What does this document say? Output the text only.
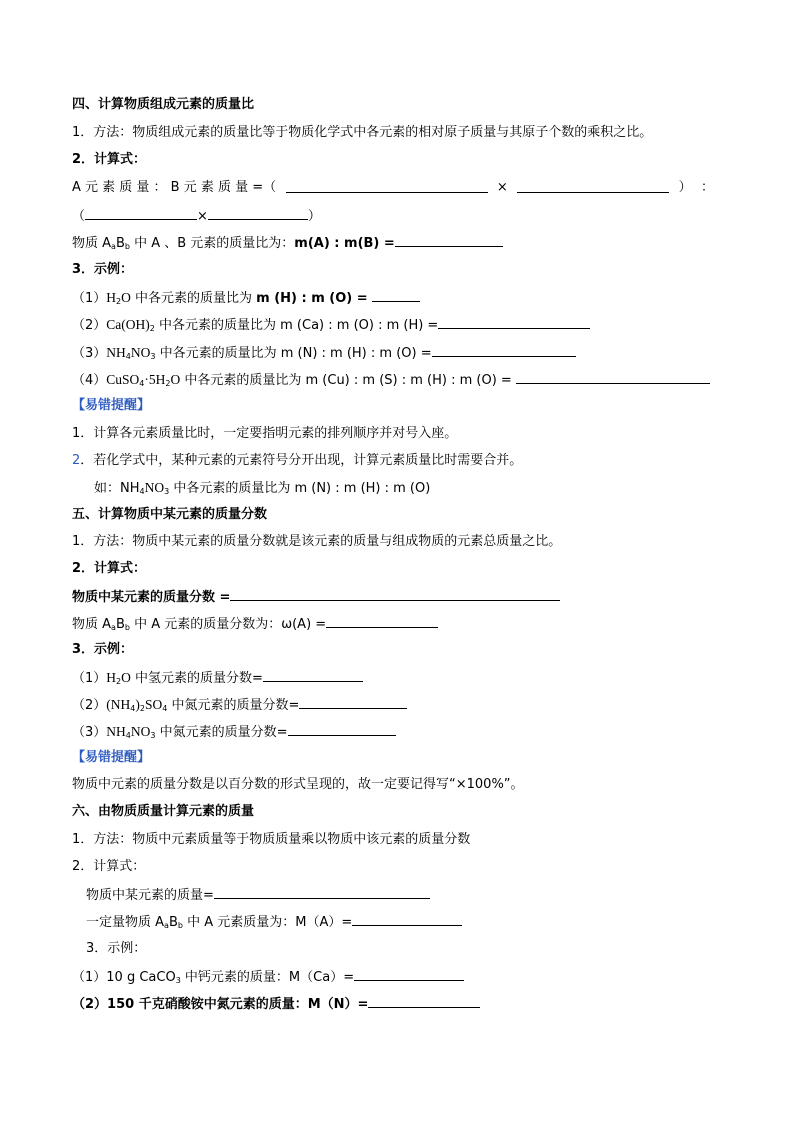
四、计算物质组成元素的质量比
1．方法：物质组成元素的质量比等于物质化学式中各元素的相对原子质量与其原子个数的乘积之比。
2．计算式：
A 元 素 质 量 ： B 元 素 质 量 =（	×	） ：
（	×	）
物质 $A_aB_b$ 中 A 、B 元素的质量比为：m(A) : m(B) =
3．示例：
$(1)H_2O$ 中各元素的质量比为 m (H) : m (O) =
$(2)Ca(OH)_2$ 中各元素的质量比为 m (Ca) : m (O) : m (H) =
$(3)NH_4NO_3$ 中各元素的质量比为 m (N) : m (H) : m (O) =
$(4)CuSO_4\cdot 5H_2O$ 中各元素的质量比为 m (Cu) : m (S) : m (H) : m (O) =
【易错提醒】
1．计算各元素质量比时，一定要指明元素的排列顺序并对号入座。
2．若化学式中，某种元素的元素符号分开出现，计算元素质量比时需要合并。
如：$NH_4NO_3$ 中各元素的质量比为 m (N) : m (H) : m (O)
五、计算物质中某元素的质量分数
1．方法：物质中某元素的质量分数就是该元素的质量与组成物质的元素总质量之比。
2．计算式：
物质中某元素的质量分数 =
物质 $A_aB_b$ 中 A 元素的质量分数为：ω(A) =
3．示例：
$(1)H_2O$ 中氢元素的质量分数=
$(2)(NH_4)_2SO_4$ 中氮元素的质量分数=
$(3)NH_4NO_3$ 中氮元素的质量分数=
【易错提醒】
物质中元素的质量分数是以百分数的形式呈现的，故一定要记得写“×100%”。
六、由物质质量计算元素的质量
1．方法：物质中元素质量等于物质质量乘以物质中该元素的质量分数
2．计算式：
物质中某元素的质量=
一定量物质 $A_aB_b$ 中 A 元素质量为：M（A）=
3．示例：
（1）10 g CaCO$_3$ 中钙元素的质量：M（Ca）=
（2）150 千克硝酸铵中氮元素的质量：M（N）=
